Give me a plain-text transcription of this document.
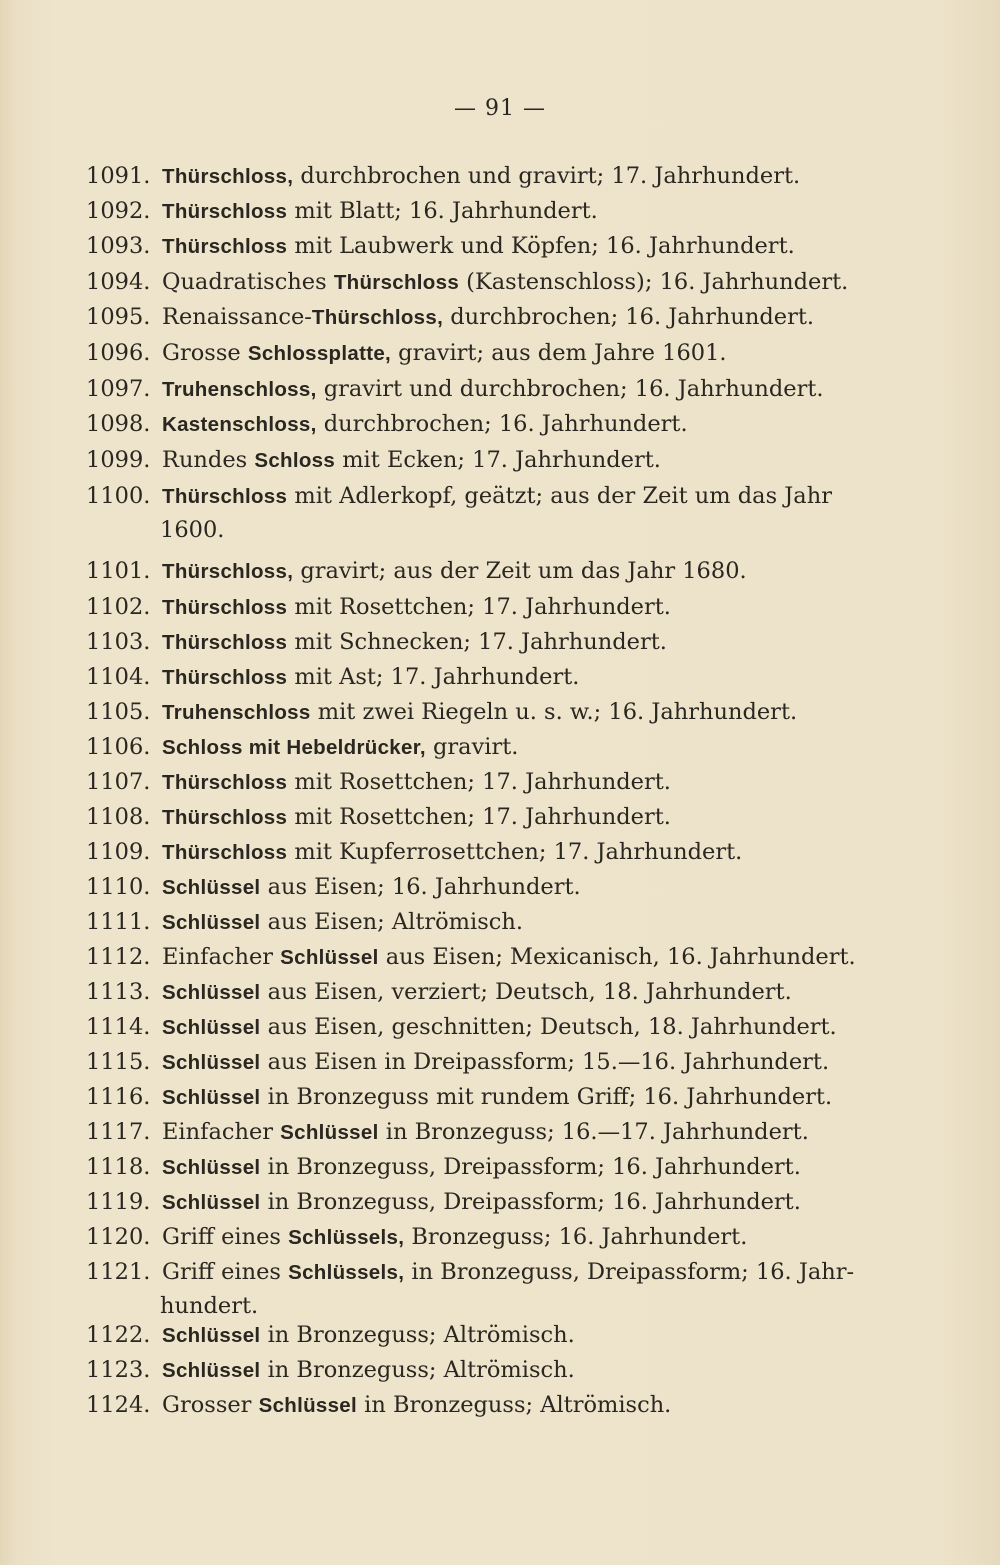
— 91 —
1091. Thürschloss, durchbrochen und gravirt; 17. Jahrhundert.
1092. Thürschloss mit Blatt; 16. Jahrhundert.
1093. Thürschloss mit Laubwerk und Köpfen; 16. Jahrhundert.
1094. Quadratisches Thürschloss (Kastenschloss); 16. Jahrhundert.
1095. Renaissance-Thürschloss, durchbrochen; 16. Jahrhundert.
1096. Grosse Schlossplatte, gravirt; aus dem Jahre 1601.
1097. Truhenschloss, gravirt und durchbrochen; 16. Jahrhundert.
1098. Kastenschloss, durchbrochen; 16. Jahrhundert.
1099. Rundes Schloss mit Ecken; 17. Jahrhundert.
1100. Thürschloss mit Adlerkopf, geätzt; aus der Zeit um das Jahr
1600.
1101. Thürschloss, gravirt; aus der Zeit um das Jahr 1680.
1102. Thürschloss mit Rosettchen; 17. Jahrhundert.
1103. Thürschloss mit Schnecken; 17. Jahrhundert.
1104. Thürschloss mit Ast; 17. Jahrhundert.
1105. Truhenschloss mit zwei Riegeln u. s. w.; 16. Jahrhundert.
1106. Schloss mit Hebeldrücker, gravirt.
1107. Thürschloss mit Rosettchen; 17. Jahrhundert.
1108. Thürschloss mit Rosettchen; 17. Jahrhundert.
1109. Thürschloss mit Kupferrosettchen; 17. Jahrhundert.
1110. Schlüssel aus Eisen; 16. Jahrhundert.
1111. Schlüssel aus Eisen; Altrömisch.
1112. Einfacher Schlüssel aus Eisen; Mexicanisch, 16. Jahrhundert.
1113. Schlüssel aus Eisen, verziert; Deutsch, 18. Jahrhundert.
1114. Schlüssel aus Eisen, geschnitten; Deutsch, 18. Jahrhundert.
1115. Schlüssel aus Eisen in Dreipassform; 15.—16. Jahrhundert.
1116. Schlüssel in Bronzeguss mit rundem Griff; 16. Jahrhundert.
1117. Einfacher Schlüssel in Bronzeguss; 16.—17. Jahrhundert.
1118. Schlüssel in Bronzeguss, Dreipassform; 16. Jahrhundert.
1119. Schlüssel in Bronzeguss, Dreipassform; 16. Jahrhundert.
1120. Griff eines Schlüssels, Bronzeguss; 16. Jahrhundert.
1121. Griff eines Schlüssels, in Bronzeguss, Dreipassform; 16. Jahr-
hundert.
1122. Schlüssel in Bronzeguss; Altrömisch.
1123. Schlüssel in Bronzeguss; Altrömisch.
1124. Grosser Schlüssel in Bronzeguss; Altrömisch.
